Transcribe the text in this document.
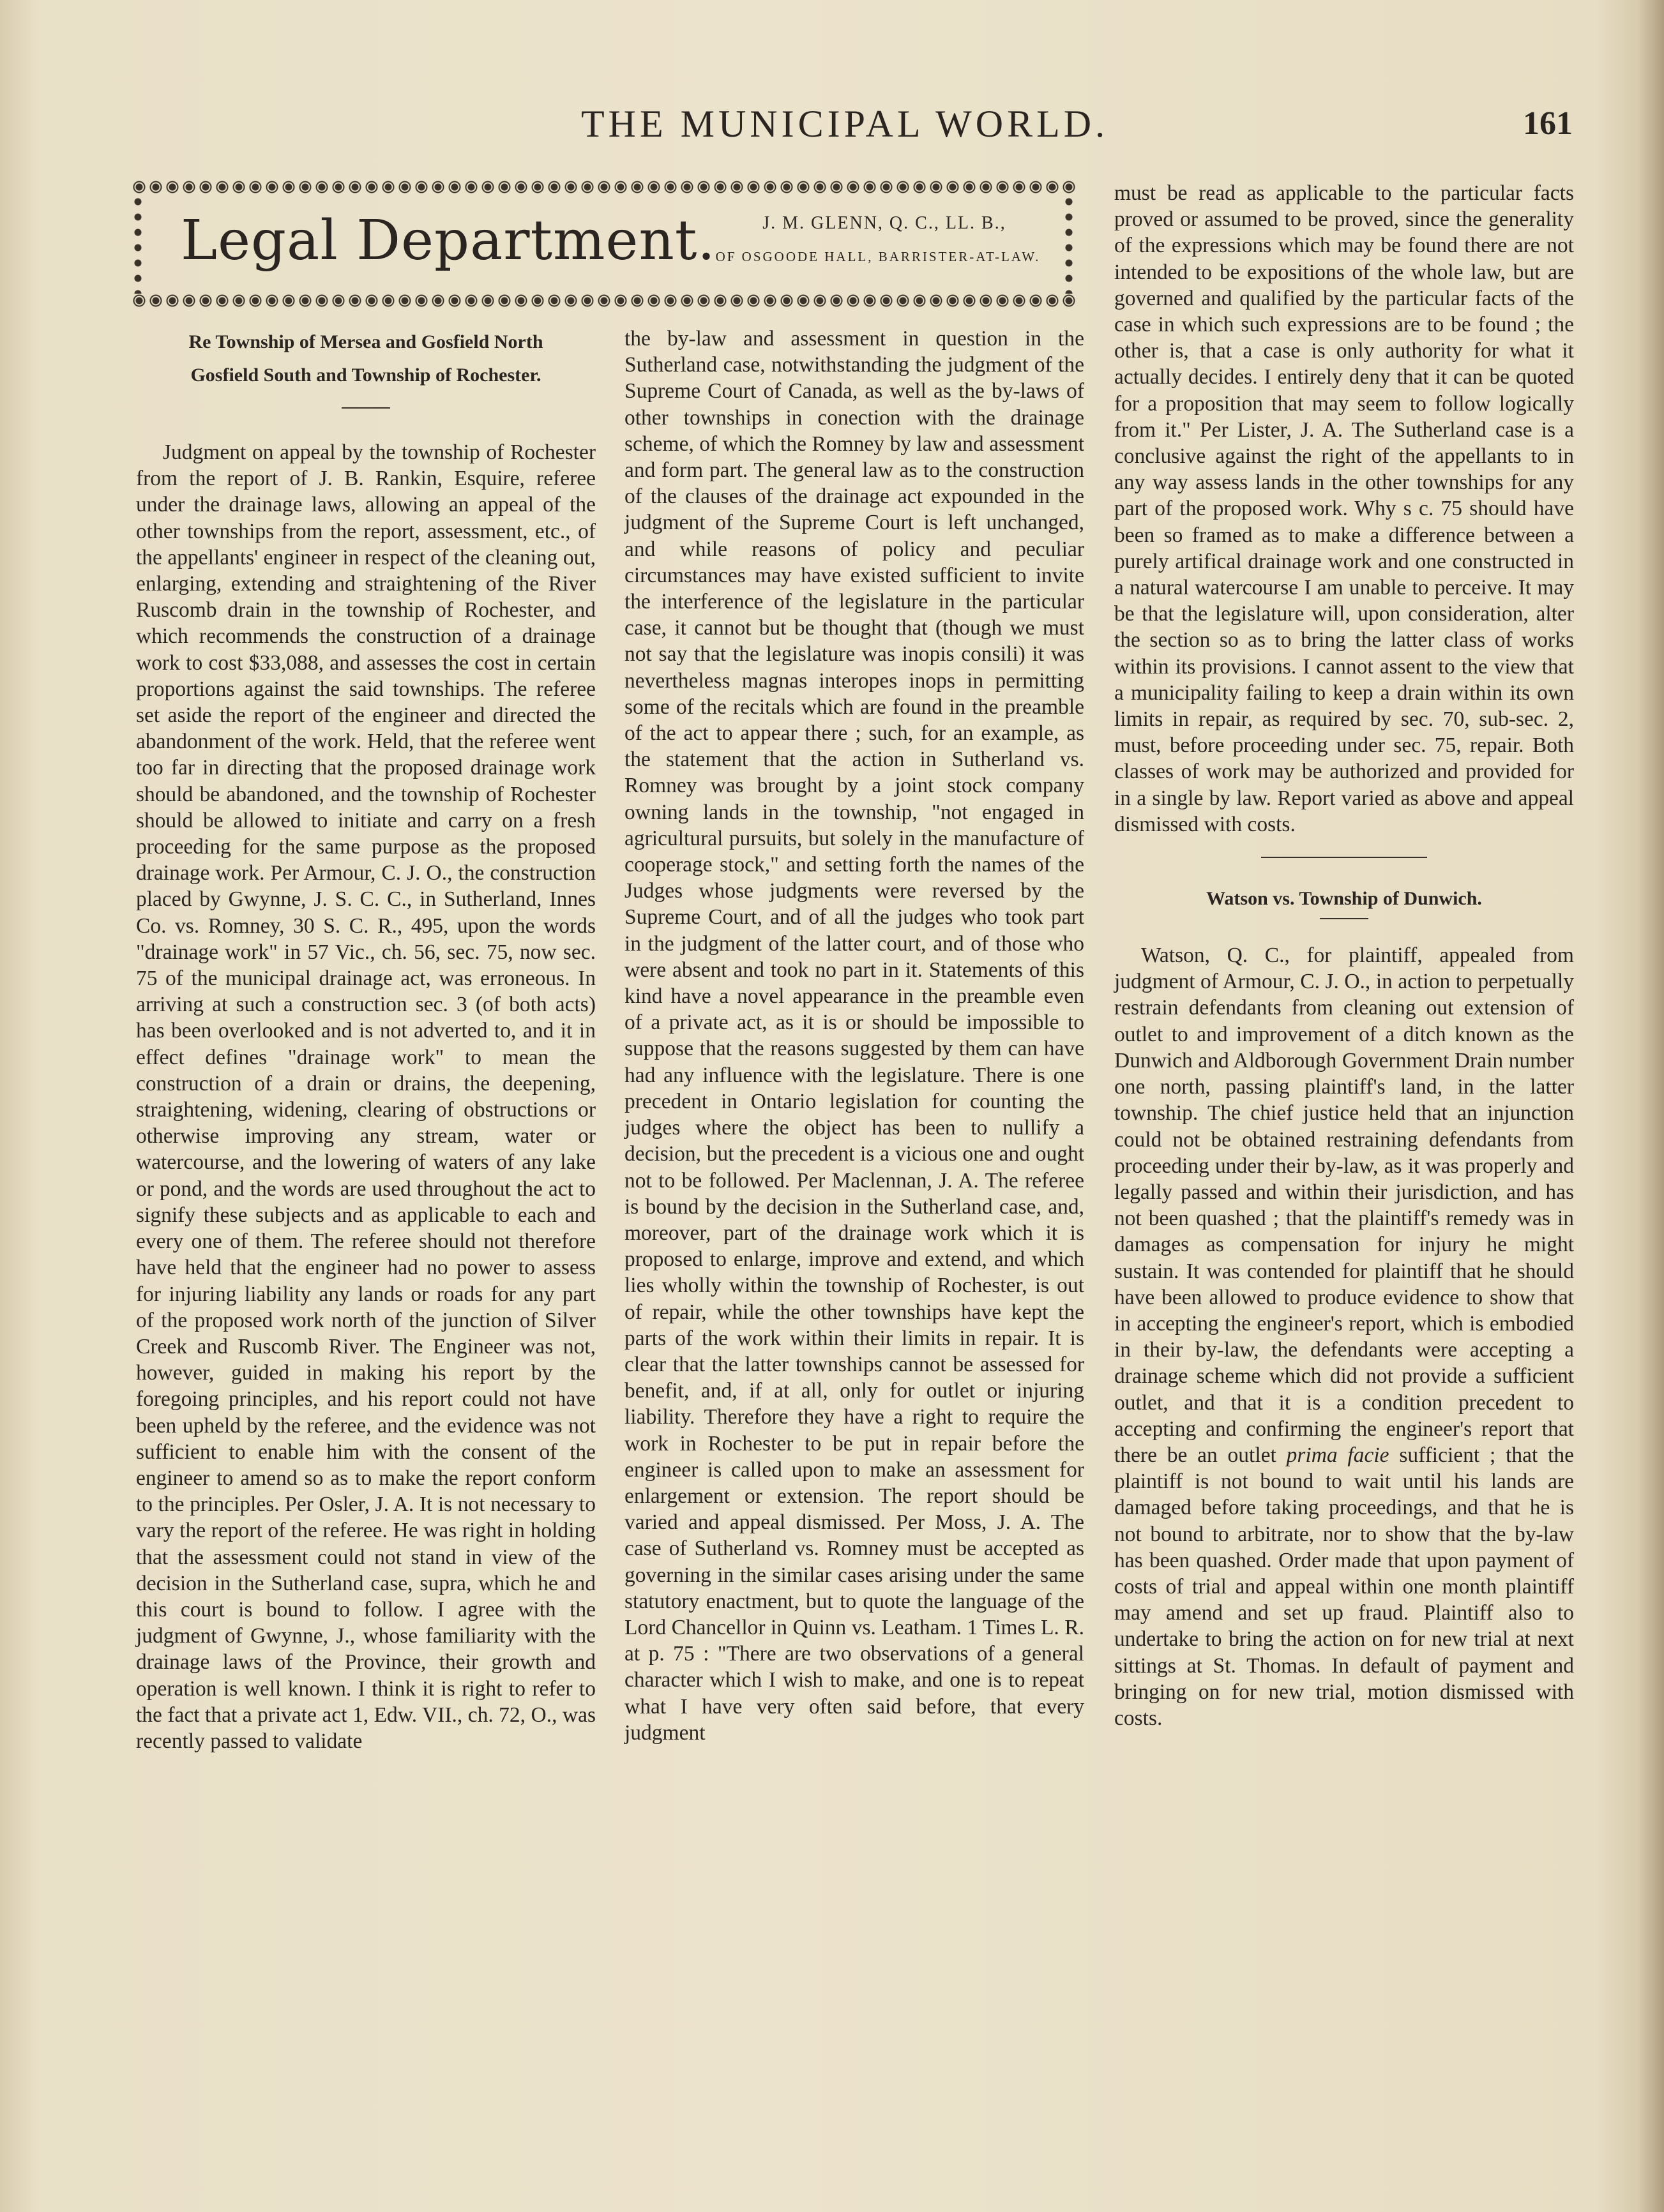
THE MUNICIPAL WORLD.	161
Legal Department.	J. M. GLENN, Q. C., LL. B.,
OF OSGOODE HALL, BARRISTER-AT-LAW.

Re Township of Mersea and Gosfield North

Gosfield South and Township of Rochester.

Judgment on appeal by the township of Rochester from the report of J. B. Rankin, Esquire, referee under the drainage laws, allowing an appeal of the other townships from the report, assessment, etc., of the appellants' engineer in respect of the cleaning out, enlarging, extending and straightening of the River Ruscomb drain in the township of Rochester, and which recommends the construction of a drainage work to cost $33,088, and assesses the cost in certain proportions against the said townships. The referee set aside the report of the engineer and directed the abandonment of the work. Held, that the referee went too far in directing that the proposed drainage work should be abandoned, and the township of Rochester should be allowed to initiate and carry on a fresh proceeding for the same purpose as the proposed drainage work. Per Armour, C. J. O., the construction placed by Gwynne, J. S. C. C., in Sutherland, Innes Co. vs. Romney, 30 S. C. R., 495, upon the words "drainage work" in 57 Vic., ch. 56, sec. 75, now sec. 75 of the municipal drainage act, was erroneous. In arriving at such a construction sec. 3 (of both acts) has been overlooked and is not adverted to, and it in effect defines "drainage work" to mean the construction of a drain or drains, the deepening, straightening, widening, clearing of obstructions or otherwise improving any stream, water or watercourse, and the lowering of waters of any lake or pond, and the words are used throughout the act to signify these subjects and as applicable to each and every one of them. The referee should not therefore have held that the engineer had no power to assess for injuring liability any lands or roads for any part of the proposed work north of the junction of Silver Creek and Ruscomb River. The Engineer was not, however, guided in making his report by the foregoing principles, and his report could not have been upheld by the referee, and the evidence was not sufficient to enable him with the consent of the engineer to amend so as to make the report conform to the principles. Per Osler, J. A. It is not necessary to vary the report of the referee. He was right in holding that the assessment could not stand in view of the decision in the Sutherland case, supra, which he and this court is bound to follow. I agree with the judgment of Gwynne, J., whose familiarity with the drainage laws of the Province, their growth and operation is well known. I think it is right to refer to the fact that a private act 1, Edw. VII., ch. 72, O., was recently passed to validate

the by-law and assessment in question in the Sutherland case, notwithstanding the judgment of the Supreme Court of Canada, as well as the by-laws of other townships in conection with the drainage scheme, of which the Romney by law and assessment and form part. The general law as to the construction of the clauses of the drainage act expounded in the judgment of the Supreme Court is left unchanged, and while reasons of policy and peculiar circumstances may have existed sufficient to invite the interference of the legislature in the particular case, it cannot but be thought that (though we must not say that the legislature was inopis consili) it was nevertheless magnas interopes inops in permitting some of the recitals which are found in the preamble of the act to appear there ; such, for an example, as the statement that the action in Sutherland vs. Romney was brought by a joint stock company owning lands in the township, "not engaged in agricultural pursuits, but solely in the manufacture of cooperage stock," and setting forth the names of the Judges whose judgments were reversed by the Supreme Court, and of all the judges who took part in the judgment of the latter court, and of those who were absent and took no part in it. Statements of this kind have a novel appearance in the preamble even of a private act, as it is or should be impossible to suppose that the reasons suggested by them can have had any influence with the legislature. There is one precedent in Ontario legislation for counting the judges where the object has been to nullify a decision, but the precedent is a vicious one and ought not to be followed. Per Maclennan, J. A. The referee is bound by the decision in the Sutherland case, and, moreover, part of the drainage work which it is proposed to enlarge, improve and extend, and which lies wholly within the township of Rochester, is out of repair, while the other townships have kept the parts of the work within their limits in repair. It is clear that the latter townships cannot be assessed for benefit, and, if at all, only for outlet or injuring liability. Therefore they have a right to require the work in Rochester to be put in repair before the engineer is called upon to make an assessment for enlargement or extension. The report should be varied and appeal dismissed. Per Moss, J. A. The case of Sutherland vs. Romney must be accepted as governing in the similar cases arising under the same statutory enactment, but to quote the language of the Lord Chancellor in Quinn vs. Leatham. 1 Times L. R. at p. 75 : "There are two observations of a general character which I wish to make, and one is to repeat what I have very often said before, that every judgment

must be read as applicable to the particular facts proved or assumed to be proved, since the generality of the expressions which may be found there are not intended to be expositions of the whole law, but are governed and qualified by the particular facts of the case in which such expressions are to be found ; the other is, that a case is only authority for what it actually decides. I entirely deny that it can be quoted for a proposition that may seem to follow logically from it." Per Lister, J. A. The Sutherland case is a conclusive against the right of the appellants to in any way assess lands in the other townships for any part of the proposed work. Why s c. 75 should have been so framed as to make a difference between a purely artifical drainage work and one constructed in a natural watercourse I am unable to perceive. It may be that the legislature will, upon consideration, alter the section so as to bring the latter class of works within its provisions. I cannot assent to the view that a municipality failing to keep a drain within its own limits in repair, as required by sec. 70, sub-sec. 2, must, before proceeding under sec. 75, repair. Both classes of work may be authorized and provided for in a single by law. Report varied as above and appeal dismissed with costs.

Watson vs. Township of Dunwich.

Watson, Q. C., for plaintiff, appealed from judgment of Armour, C. J. O., in action to perpetually restrain defendants from cleaning out extension of outlet to and improvement of a ditch known as the Dunwich and Aldborough Government Drain number one north, passing plaintiff's land, in the latter township. The chief justice held that an injunction could not be obtained restraining defendants from proceeding under their by-law, as it was properly and legally passed and within their jurisdiction, and has not been quashed ; that the plaintiff's remedy was in damages as compensation for injury he might sustain. It was contended for plaintiff that he should have been allowed to produce evidence to show that in accepting the engineer's report, which is embodied in their by-law, the defendants were accepting a drainage scheme which did not provide a sufficient outlet, and that it is a condition precedent to accepting and confirming the engineer's report that there be an outlet prima facie sufficient ; that the plaintiff is not bound to wait until his lands are damaged before taking proceedings, and that he is not bound to arbitrate, nor to show that the by-law has been quashed. Order made that upon payment of costs of trial and appeal within one month plaintiff may amend and set up fraud. Plaintiff also to undertake to bring the action on for new trial at next sittings at St. Thomas. In default of payment and bringing on for new trial, motion dismissed with costs.
